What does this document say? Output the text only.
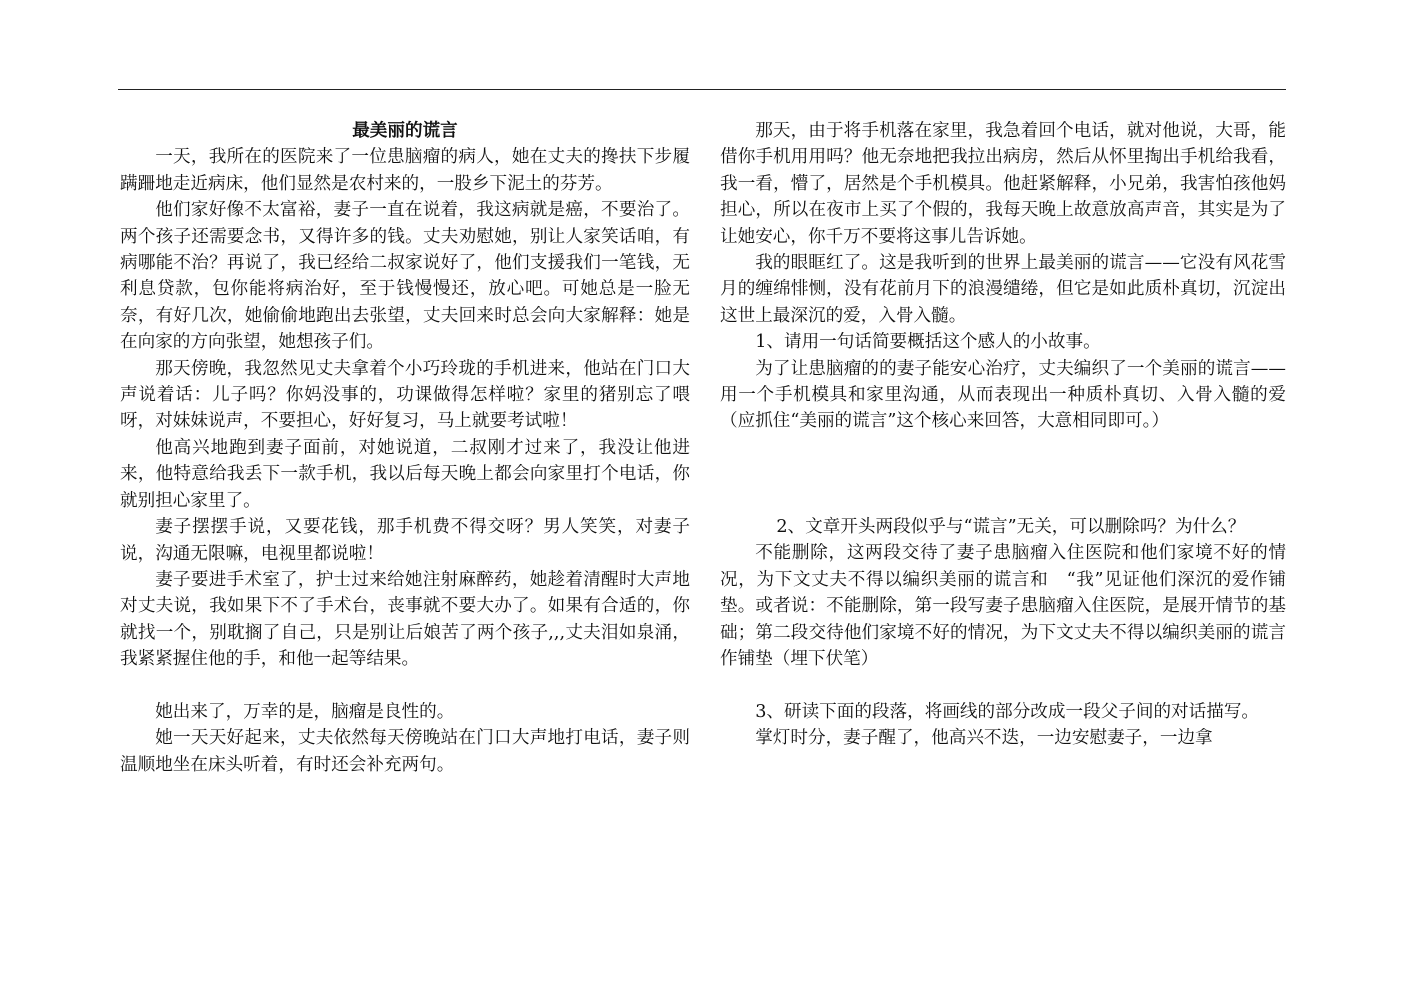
最美丽的谎言

一天，我所在的医院来了一位患脑瘤的病人，她在丈夫的搀扶下步履蹒跚地走近病床，他们显然是农村来的，一股乡下泥土的芬芳。

他们家好像不太富裕，妻子一直在说着，我这病就是癌，不要治了。两个孩子还需要念书，又得许多的钱。丈夫劝慰她，别让人家笑话咱，有病哪能不治？再说了，我已经给二叔家说好了，他们支援我们一笔钱，无利息贷款，包你能将病治好，至于钱慢慢还，放心吧。可她总是一脸无奈，有好几次，她偷偷地跑出去张望，丈夫回来时总会向大家解释：她是在向家的方向张望，她想孩子们。

那天傍晚，我忽然见丈夫拿着个小巧玲珑的手机进来，他站在门口大声说着话：儿子吗？你妈没事的，功课做得怎样啦？家里的猪别忘了喂呀，对妹妹说声，不要担心，好好复习，马上就要考试啦！

他高兴地跑到妻子面前，对她说道，二叔刚才过来了，我没让他进来，他特意给我丢下一款手机，我以后每天晚上都会向家里打个电话，你就别担心家里了。

妻子摆摆手说，又要花钱，那手机费不得交呀？男人笑笑，对妻子说，沟通无限嘛，电视里都说啦！

妻子要进手术室了，护士过来给她注射麻醉药，她趁着清醒时大声地对丈夫说，我如果下不了手术台，丧事就不要大办了。如果有合适的，你就找一个，别耽搁了自己，只是别让后娘苦了两个孩子,,,丈夫泪如泉涌，我紧紧握住他的手，和他一起等结果。

她出来了，万幸的是，脑瘤是良性的。

她一天天好起来，丈夫依然每天傍晚站在门口大声地打电话，妻子则温顺地坐在床头听着，有时还会补充两句。

那天，由于将手机落在家里，我急着回个电话，就对他说，大哥，能借你手机用用吗？他无奈地把我拉出病房，然后从怀里掏出手机给我看，我一看，懵了，居然是个手机模具。他赶紧解释，小兄弟，我害怕孩他妈担心，所以在夜市上买了个假的，我每天晚上故意放高声音，其实是为了让她安心，你千万不要将这事儿告诉她。

我的眼眶红了。这是我听到的世界上最美丽的谎言——它没有风花雪月的缠绵悱恻，没有花前月下的浪漫缱绻，但它是如此质朴真切，沉淀出这世上最深沉的爱，入骨入髓。

1、请用一句话简要概括这个感人的小故事。

为了让患脑瘤的的妻子能安心治疗，丈夫编织了一个美丽的谎言——用一个手机模具和家里沟通，从而表现出一种质朴真切、入骨入髓的爱（应抓住“美丽的谎言”这个核心来回答，大意相同即可。）

2、文章开头两段似乎与“谎言”无关，可以删除吗？为什么？

不能删除，这两段交待了妻子患脑瘤入住医院和他们家境不好的情况，为下文丈夫不得以编织美丽的谎言和　“我”见证他们深沉的爱作铺垫。或者说：不能删除，第一段写妻子患脑瘤入住医院，是展开情节的基础；第二段交待他们家境不好的情况，为下文丈夫不得以编织美丽的谎言作铺垫（埋下伏笔）

3、研读下面的段落，将画线的部分改成一段父子间的对话描写。

掌灯时分，妻子醒了，他高兴不迭，一边安慰妻子，一边拿
